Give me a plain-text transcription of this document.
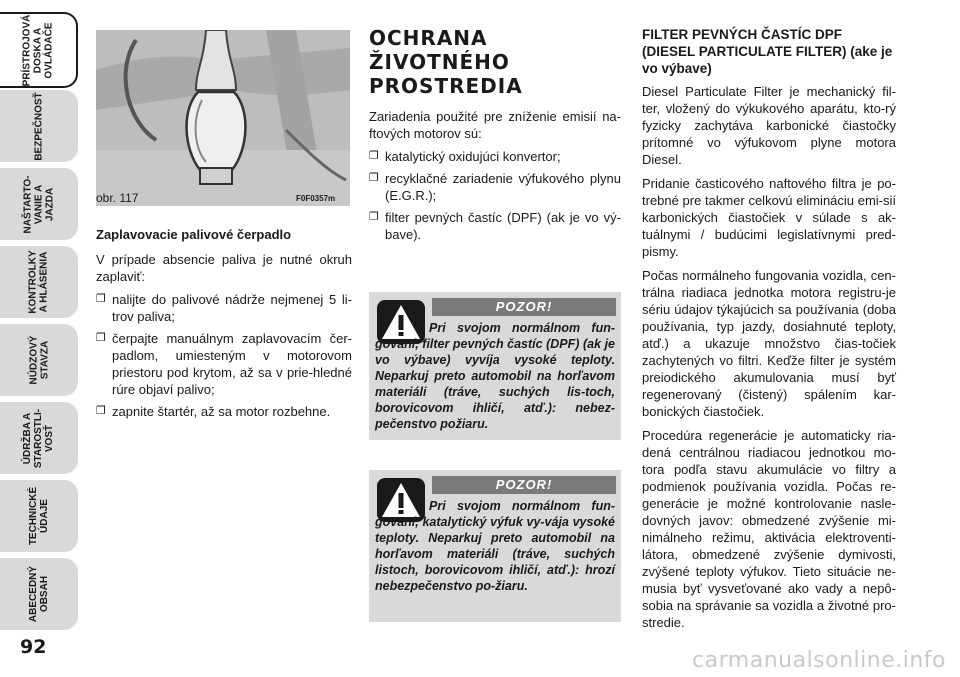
PRÍSTROJOVÁ
DOSKA A
OVLÁDAČE
BEZPEČNOSŤ
NAŠTARTO-
VANIE A
JAZDA
KONTROLKY
A HLÁSENIA
NÚDZOVÝ
STAVZA
ÚDRŽBA A
STAROSTLI-
VOSŤ
TECHNICKÉ
ÚDAJE
ABECEDNÝ
OBSAH
92
obr. 117	F0F0357m
Zaplavovacie palivové čerpadlo

V prípade absencie paliva je nutné okruh zaplaviť:

❐ nalijte do palivové nádrže nejmenej 5 li-trov paliva;
❐ čerpajte manuálnym zaplavovacím čer-padlom, umiesteným v motorovom priestoru pod krytom, až sa v prie-hledné rúre objaví palivo;
❐ zapnite štartér, až sa motor rozbehne.
OCHRANA ŽIVOTNÉHO PROSTREDIA

Zariadenia použité pre zníženie emisií na-ftových motorov sú:

❐ katalytický oxidujúci konvertor;
❐ recyklačné zariadenie výfukového plynu (E.G.R.);
❐ filter pevných častíc (DPF) (ak je vo vý-bave).
POZOR!
Pri svojom normálnom fun-govaní, filter pevných častíc (DPF) (ak je vo výbave) vyvíja vysoké teploty. Neparkuj preto automobil na horľavom materiáli (tráve, suchých lis-toch, borovicovom ihličí, atď.): nebez-pečenstvo požiaru.
POZOR!
Pri svojom normálnom fun-govaní, katalytický výfuk vy-vája vysoké teploty. Neparkuj preto automobil na horľavom materiáli (tráve, suchých listoch, borovicovom ihličí, atď.): hrozí nebezpečenstvo po-žiaru.
FILTER PEVNÝCH ČASTÍC DPF (DIESEL PARTICULATE FILTER) (ake je vo výbave)

Diesel Particulate Filter je mechanický fil-ter, vložený do výkukového aparátu, kto-rý fyzicky zachytáva karbonické čiastočky prítomné vo výfukovom plyne motora Diesel.

Pridanie časticového naftového filtra je po-trebné pre takmer celkovú elimináciu emi-sií karbonických čiastočiek v súlade s ak-tuálnymi / budúcimi legislatívnymi pred-pismy.

Počas normálneho fungovania vozidla, cen-trálna riadiaca jednotka motora registru-je sériu údajov týkajúcich sa používania (doba používania, typ jazdy, dosiahnuté teploty, atď.) a ukazuje množstvo čias-točiek zachytených vo filtri. Keďže filter je systém preiodického akumulovania musí byť regenerovaný (čistený) spálením kar-bonických čiastočiek.

Procedúra regenerácie je automaticky ria-dená centrálnou riadiacou jednotkou mo-tora podľa stavu akumulácie vo filtry a podmienok používania vozidla. Počas re-generácie je možné kontrolovanie nasle-dovných javov: obmedzené zvýšenie mi-nimálneho režimu, aktivácia elektroventi-látora, obmedzené zvýšenie dymivosti, zvýšené teploty výfukov. Tieto situácie ne-musia byť vysveťované ako vady a nepô-sobia na správanie sa vozidla a životné pro-stredie.

carmanualsonline.info
